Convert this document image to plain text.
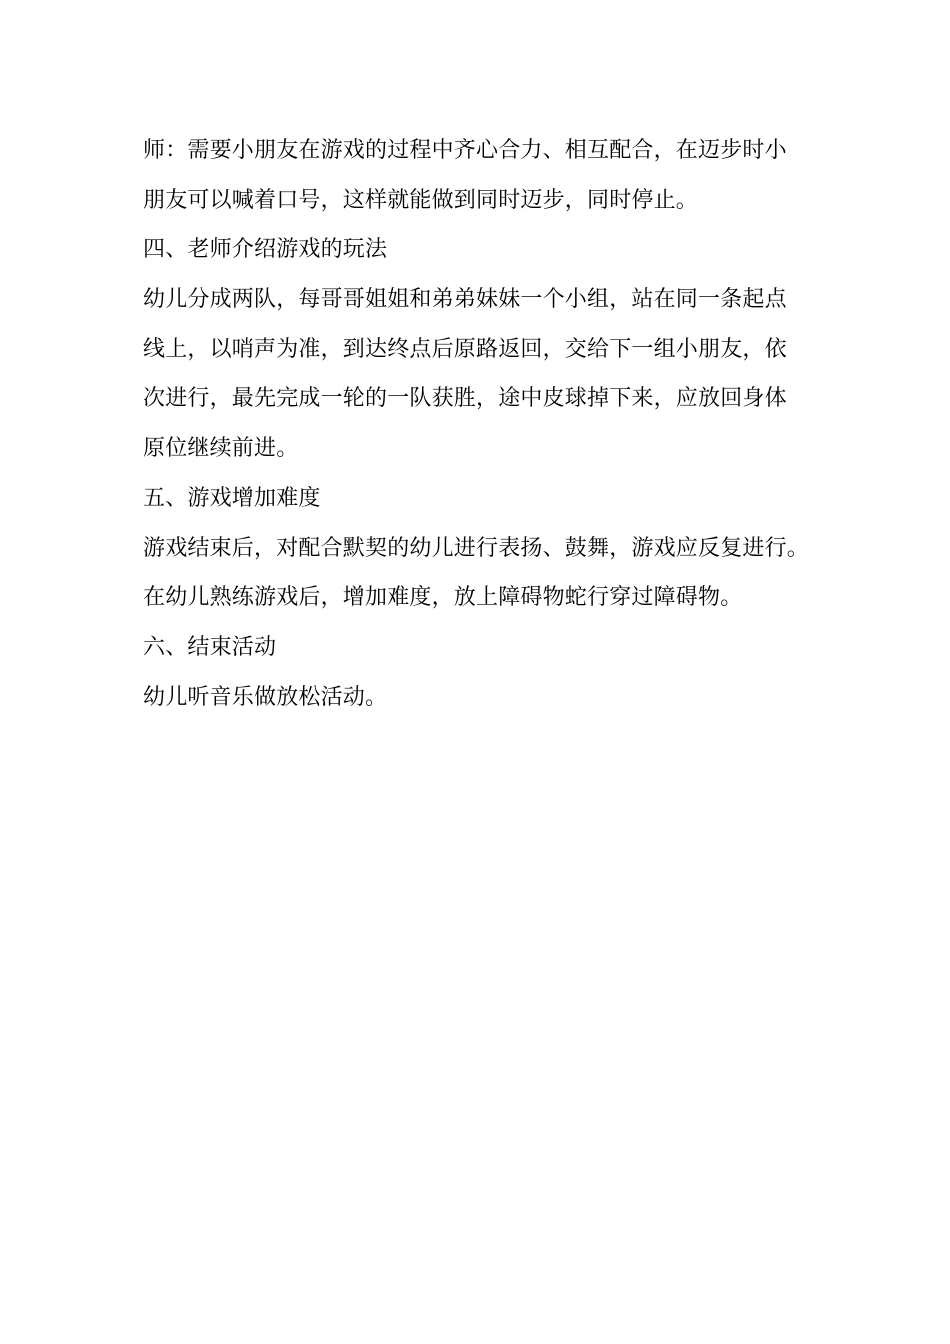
师：需要小朋友在游戏的过程中齐心合力、相互配合，在迈步时小
朋友可以喊着口号，这样就能做到同时迈步，同时停止。
四、老师介绍游戏的玩法
幼儿分成两队，每哥哥姐姐和弟弟妹妹一个小组，站在同一条起点
线上，以哨声为准，到达终点后原路返回，交给下一组小朋友，依
次进行，最先完成一轮的一队获胜，途中皮球掉下来，应放回身体
原位继续前进。
五、游戏增加难度
游戏结束后，对配合默契的幼儿进行表扬、鼓舞，游戏应反复进行。
在幼儿熟练游戏后，增加难度，放上障碍物蛇行穿过障碍物。
六、结束活动
幼儿听音乐做放松活动。
